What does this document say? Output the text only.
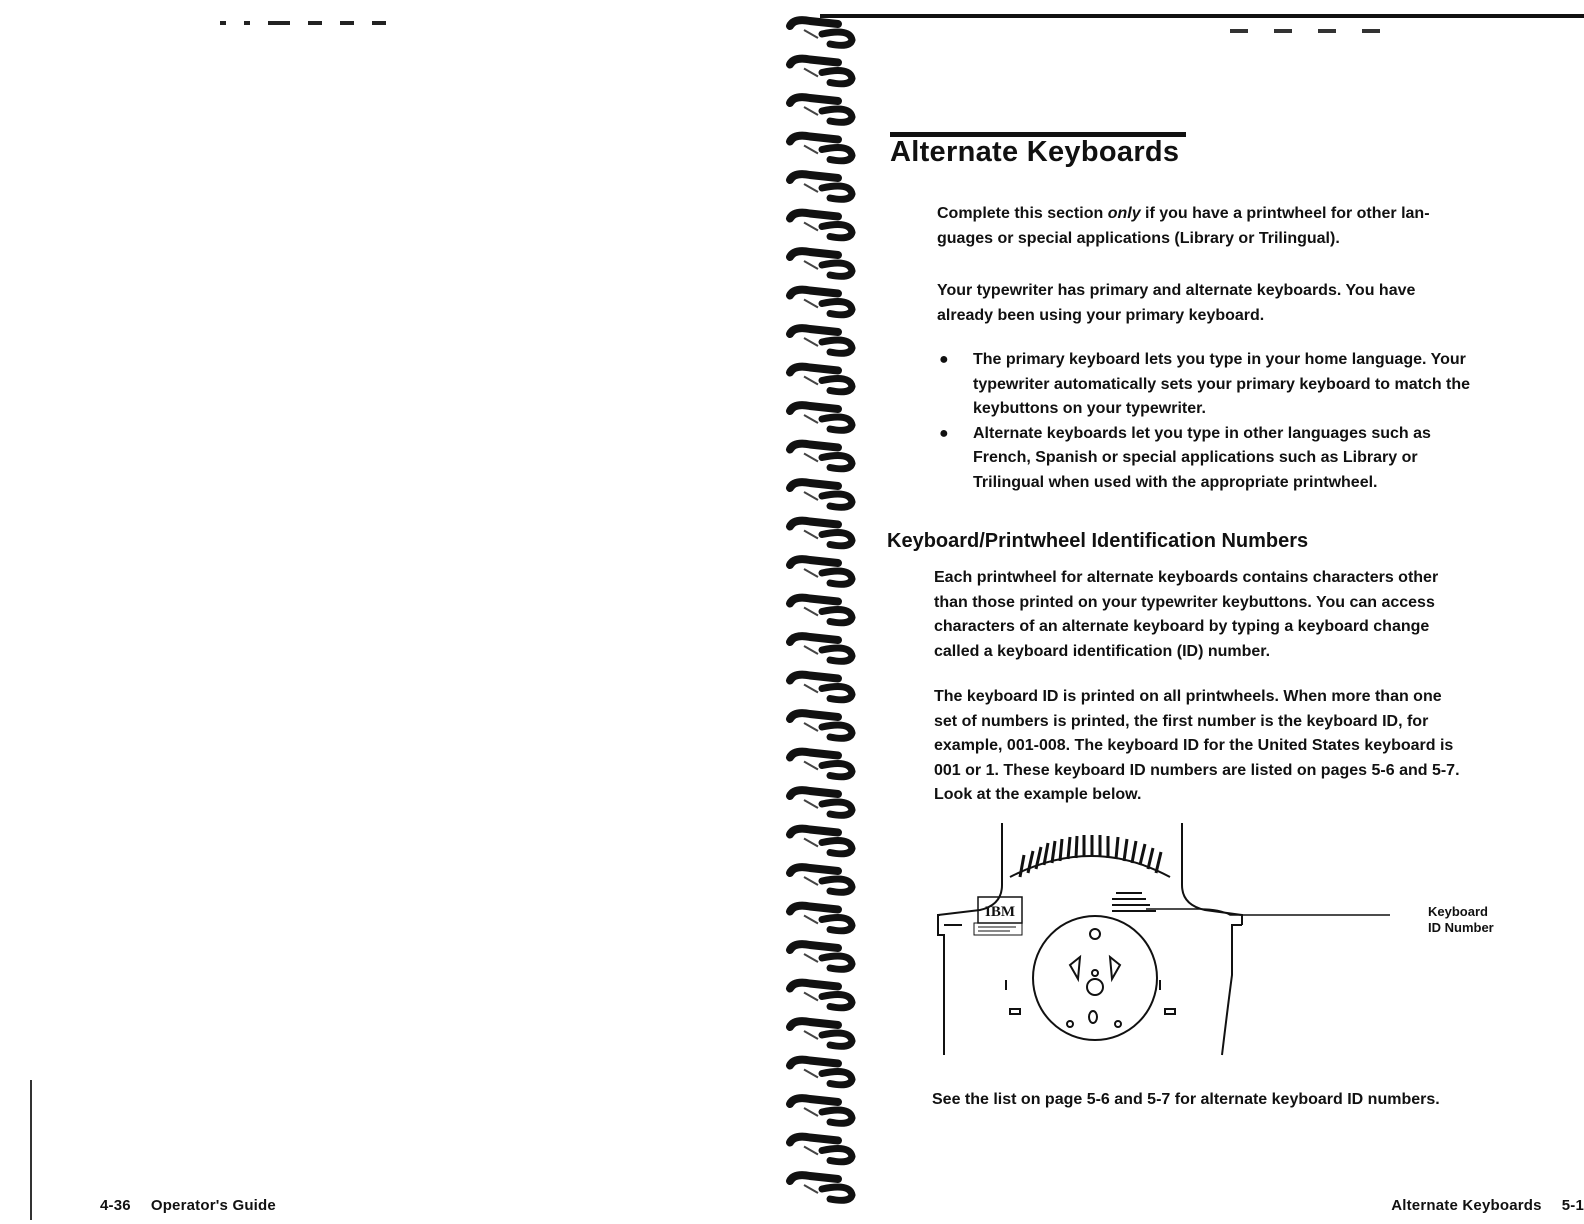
4-36 Operator's Guide
Alternate Keyboards

Complete this section only if you have a printwheel for other lan-
guages or special applications (Library or Trilingual).

Your typewriter has primary and alternate keyboards. You have
already been using your primary keyboard.

● The primary keyboard lets you type in your home language. Your
typewriter automatically sets your primary keyboard to match the
keybuttons on your typewriter.
● Alternate keyboards let you type in other languages such as
French, Spanish or special applications such as Library or
Trilingual when used with the appropriate printwheel.
Keyboard/Printwheel Identification Numbers

Each printwheel for alternate keyboards contains characters other
than those printed on your typewriter keybuttons. You can access
characters of an alternate keyboard by typing a keyboard change
called a keyboard identification (ID) number.

The keyboard ID is printed on all printwheels. When more than one
set of numbers is printed, the first number is the keyboard ID, for
example, 001-008. The keyboard ID for the United States keyboard is
001 or 1. These keyboard ID numbers are listed on pages 5-6 and 5-7.
Look at the example below.

IBM	Keyboard
ID Number

See the list on page 5-6 and 5-7 for alternate keyboard ID numbers.

Alternate Keyboards 5-1
